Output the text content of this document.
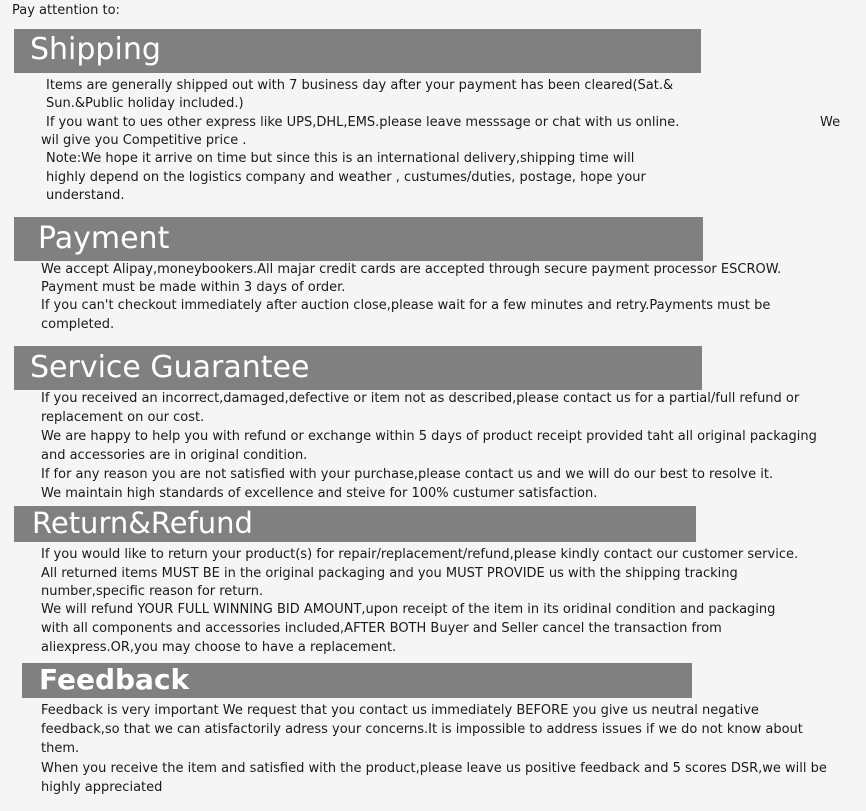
Pay attention to:
Shipping
Items are generally shipped out with 7 business day after your payment has been cleared(Sat.&
Sun.&Public holiday included.)
If you want to ues other express like UPS,DHL,EMS.please leave messsage or chat with us online.	We
wil give you Competitive price .
Note:We hope it arrive on time but since this is an international delivery,shipping time will
highly depend on the logistics company and weather , custumes/duties, postage, hope your
understand.
Payment
We accept Alipay,moneybookers.All majar credit cards are accepted through secure payment processor ESCROW.
Payment must be made within 3 days of order.
If you can't checkout immediately after auction close,please wait for a few minutes and retry.Payments must be
completed.
Service Guarantee
If you received an incorrect,damaged,defective or item not as described,please contact us for a partial/full refund or
replacement on our cost.
We are happy to help you with refund or exchange within 5 days of product receipt provided taht all original packaging
and accessories are in original condition.
If for any reason you are not satisfied with your purchase,please contact us and we will do our best to resolve it.
We maintain high standards of excellence and steive for 100% custumer satisfaction.
Return&Refund
If you would like to return your product(s) for repair/replacement/refund,please kindly contact our customer service.
All returned items MUST BE in the original packaging and you MUST PROVIDE us with the shipping tracking
number,specific reason for return.
We will refund YOUR FULL WINNING BID AMOUNT,upon receipt of the item in its oridinal condition and packaging
with all components and accessories included,AFTER BOTH Buyer and Seller cancel the transaction from
aliexpress.OR,you may choose to have a replacement.
Feedback
Feedback is very important We request that you contact us immediately BEFORE you give us neutral negative
feedback,so that we can atisfactorily adress your concerns.It is impossible to address issues if we do not know about
them.
When you receive the item and satisfied with the product,please leave us positive feedback and 5 scores DSR,we will be
highly appreciated
